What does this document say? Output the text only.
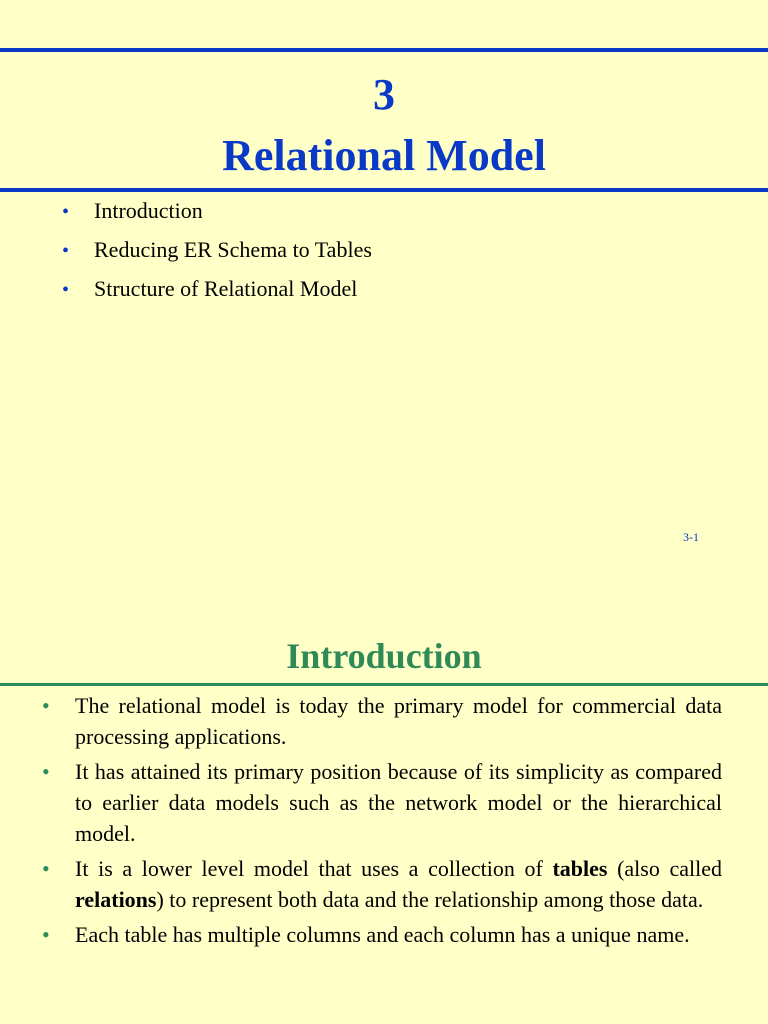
3
Relational Model
•	Introduction
•	Reducing ER Schema to Tables
•	Structure of Relational Model
3-1
Introduction
• The relational model is today the primary model for commercial data processing applications.
• It has attained its primary position because of its simplicity as compared to earlier data models such as the network model or the hierarchical model.
• It is a lower level model that uses a collection of tables (also called relations) to represent both data and the relationship among those data.
• Each table has multiple columns and each column has a unique name.
